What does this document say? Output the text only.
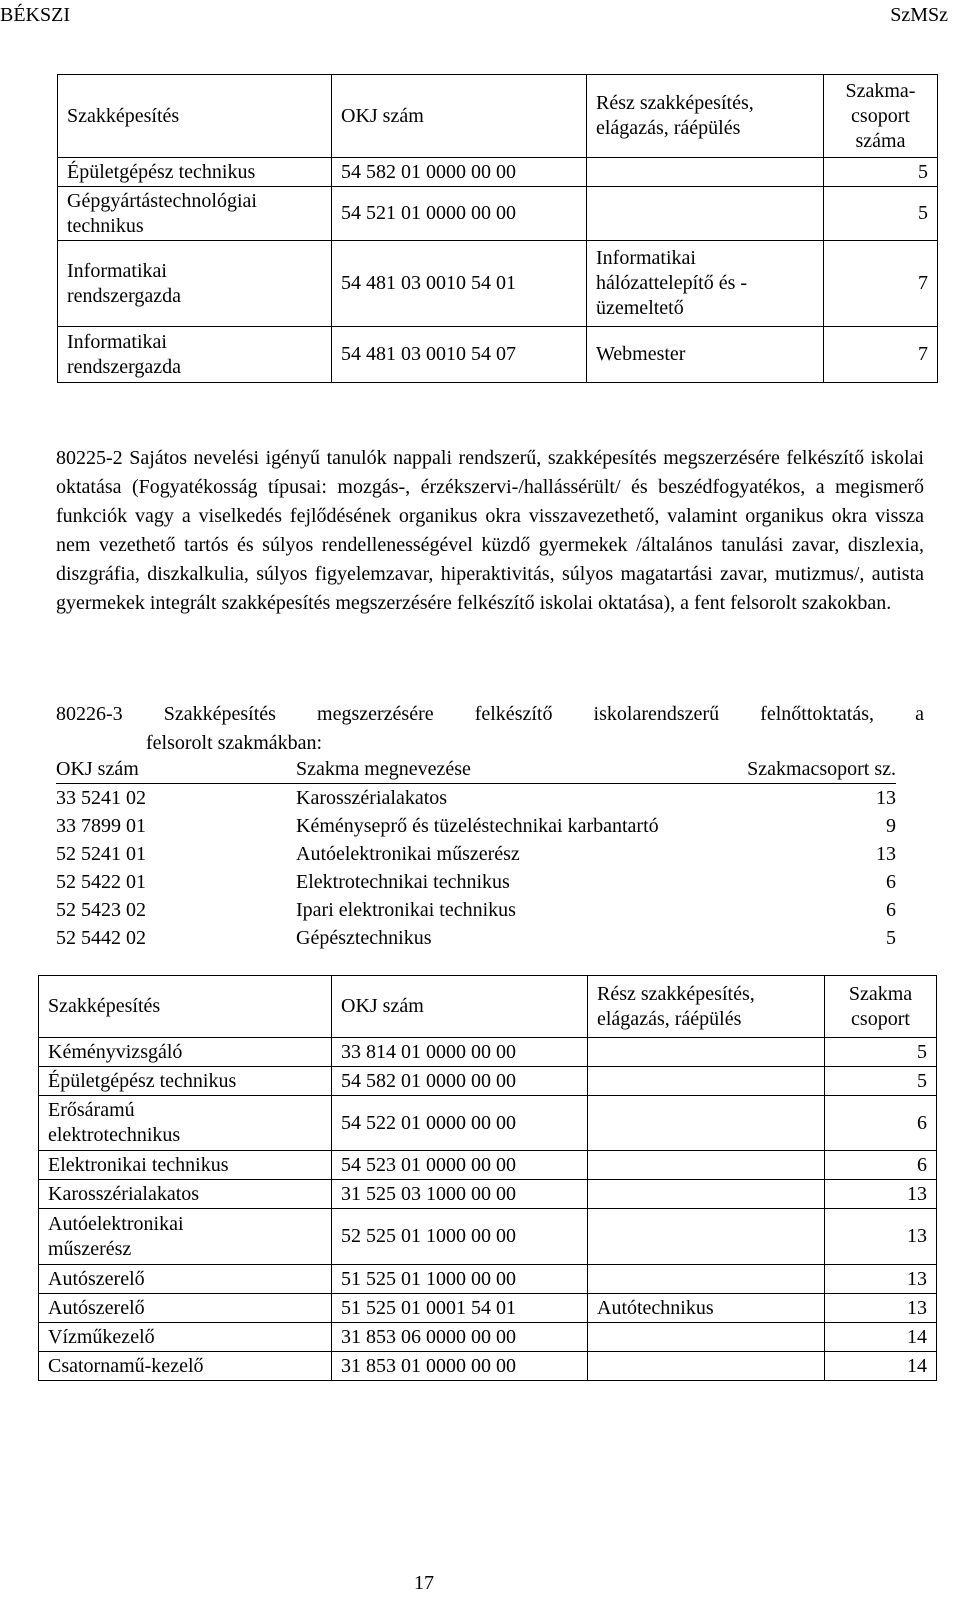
BÉKSZI	SzMSz
Szakképesítés	OKJ szám	Rész szakképesítés,
elágazás, ráépülés	Szakma-
csoport
száma
Épületgépész technikus	54 582 01 0000 00 00		5
Gépgyártástechnológiai
technikus	54 521 01 0000 00 00		5
Informatikai
rendszergazda	54 481 03 0010 54 01	Informatikai
hálózattelepítő és -
üzemeltető	7
Informatikai
rendszergazda	54 481 03 0010 54 07	Webmester	7

80225-2 Sajátos nevelési igényű tanulók nappali rendszerű, szakképesítés megszerzésére felkészítő iskolai oktatása (Fogyatékosság típusai: mozgás-, érzékszervi-/hallássérült/ és beszédfogyatékos, a megismerő funkciók vagy a viselkedés fejlődésének organikus okra visszavezethető, valamint organikus okra vissza nem vezethető tartós és súlyos rendellenességével küzdő gyermekek /általános tanulási zavar, diszlexia, diszgráfia, diszkalkulia, súlyos figyelemzavar, hiperaktivitás, súlyos magatartási zavar, mutizmus/, autista gyermekek integrált szakképesítés megszerzésére felkészítő iskolai oktatása), a fent felsorolt szakokban.

80226-3 Szakképesítés megszerzésére felkészítő iskolarendszerű felnőttoktatás, a
felsorolt szakmákban:

OKJ szám	Szakma megnevezése	Szakmacsoport sz.
33 5241 02	Karosszérialakatos	13
33 7899 01	Kéményseprő és tüzeléstechnikai karbantartó	9
52 5241 01	Autóelektronikai műszerész	13
52 5422 01	Elektrotechnikai technikus	6
52 5423 02	Ipari elektronikai technikus	6
52 5442 02	Gépésztechnikus	5
Szakképesítés	OKJ szám	Rész szakképesítés,
elágazás, ráépülés	Szakma
csoport
Kéményvizsgáló	33 814 01 0000 00 00		5
Épületgépész technikus	54 582 01 0000 00 00		5
Erősáramú
elektrotechnikus	54 522 01 0000 00 00		6
Elektronikai technikus	54 523 01 0000 00 00		6
Karosszérialakatos	31 525 03 1000 00 00		13
Autóelektronikai
műszerész	52 525 01 1000 00 00		13
Autószerelő	51 525 01 1000 00 00		13
Autószerelő	51 525 01 0001 54 01	Autótechnikus	13
Vízműkezelő	31 853 06 0000 00 00		14
Csatornamű-kezelő	31 853 01 0000 00 00		14
17
